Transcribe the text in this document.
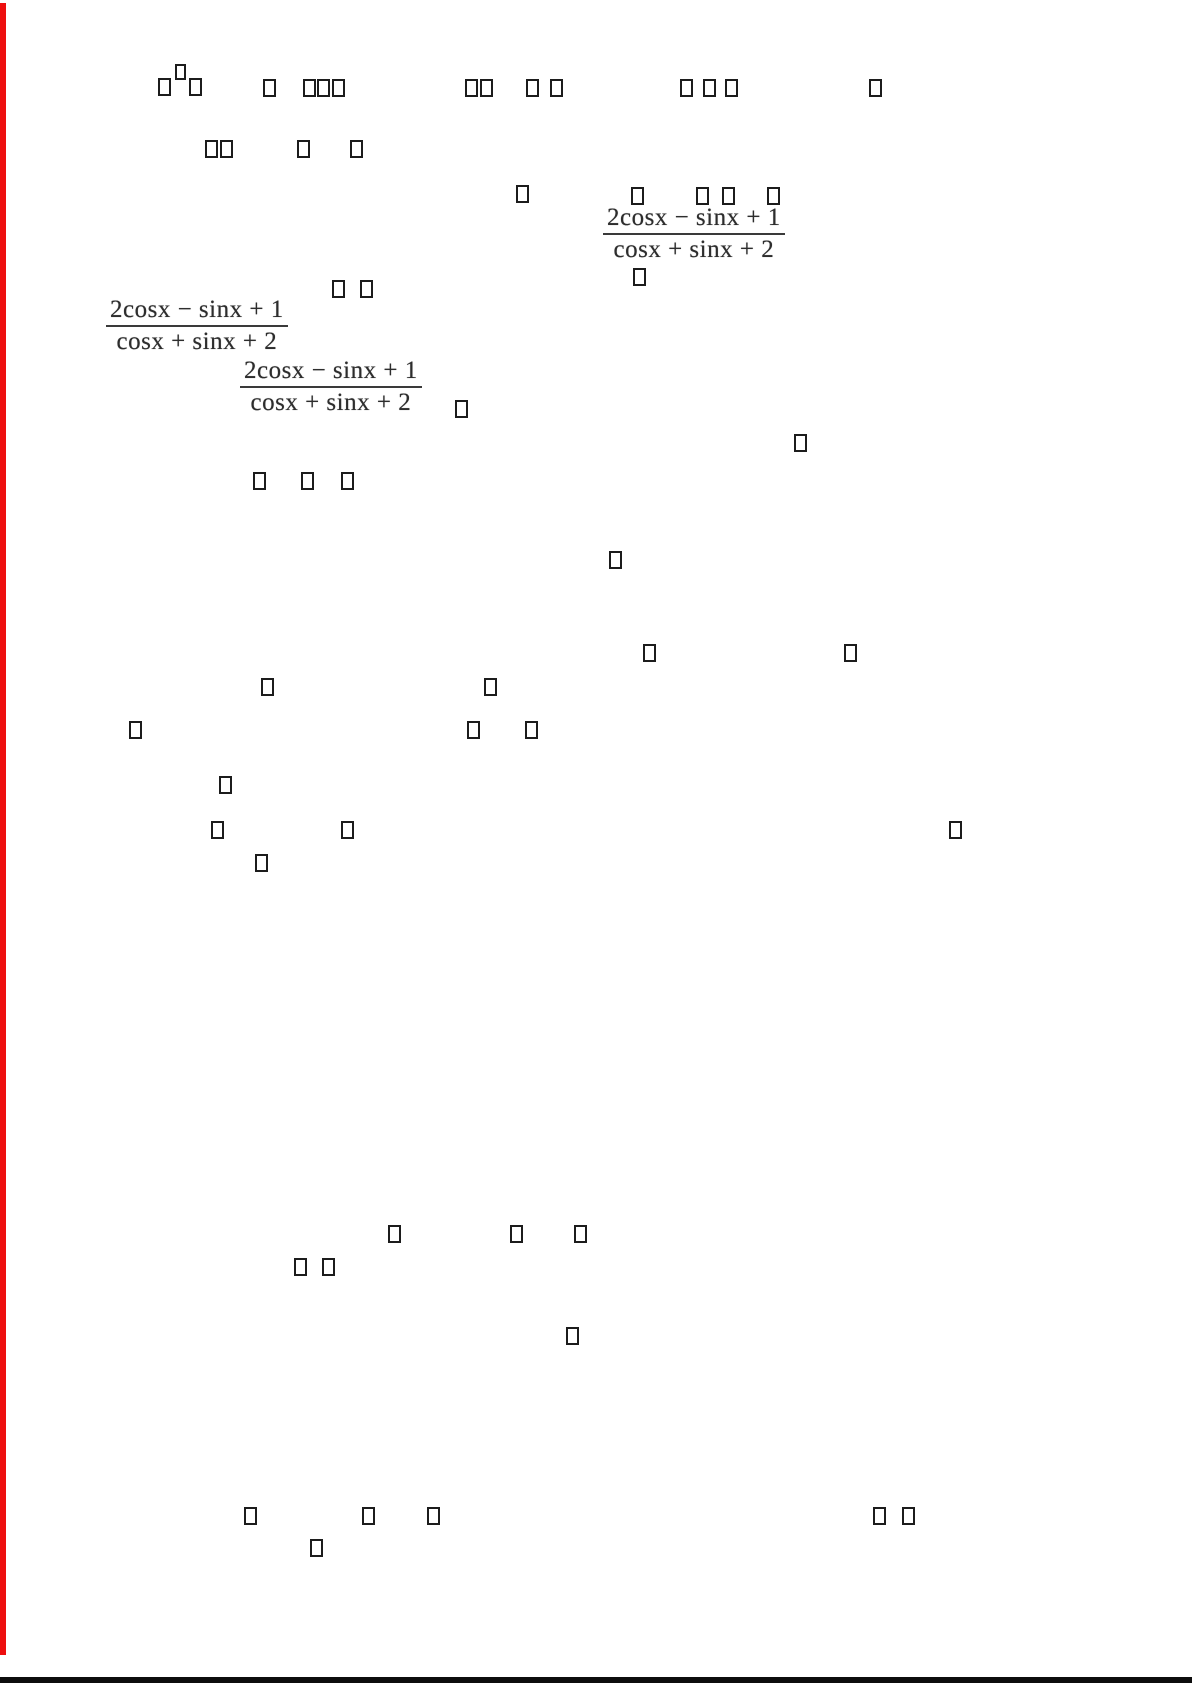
$\frac{2\cos x - \sin x + 1}{\cos x + \sin x + 2}$
$\frac{2\cos x - \sin x + 1}{\cos x + \sin x + 2}$
$\frac{2\cos x - \sin x + 1}{\cos x + \sin x + 2}$
